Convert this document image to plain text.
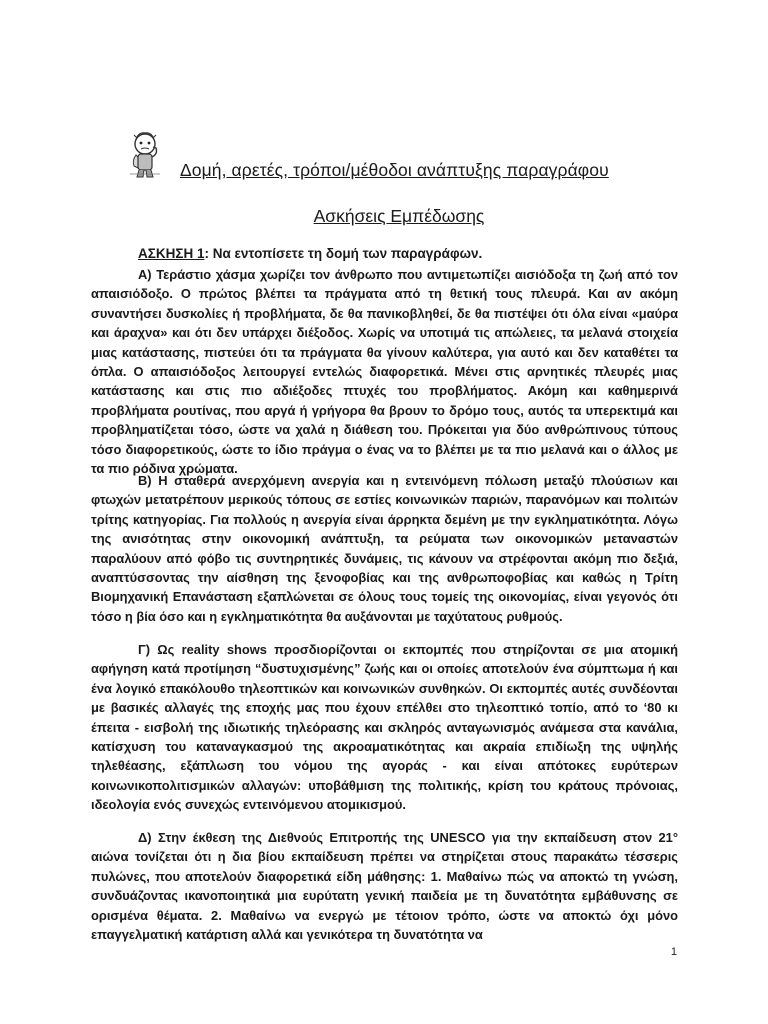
Δομή, αρετές, τρόποι/μέθοδοι ανάπτυξης παραγράφου
Ασκήσεις Εμπέδωσης
ΑΣΚΗΣΗ 1: Να εντοπίσετε τη δομή των παραγράφων.

Α) Τεράστιο χάσμα χωρίζει τον άνθρωπο που αντιμετωπίζει αισιόδοξα τη ζωή από τον απαισιόδοξο. Ο πρώτος βλέπει τα πράγματα από τη θετική τους πλευρά. Και αν ακόμη συναντήσει δυσκολίες ή προβλήματα, δε θα πανικοβληθεί, δε θα πιστέψει ότι όλα είναι «μαύρα και άραχνα» και ότι δεν υπάρχει διέξοδος. Χωρίς να υποτιμά τις απώλειες, τα μελανά στοιχεία μιας κατάστασης, πιστεύει ότι τα πράγματα θα γίνουν καλύτερα, για αυτό και δεν καταθέτει τα όπλα. Ο απαισιόδοξος λειτουργεί εντελώς διαφορετικά. Μένει στις αρνητικές πλευρές μιας κατάστασης και στις πιο αδιέξοδες πτυχές του προβλήματος. Ακόμη και καθημερινά προβλήματα ρουτίνας, που αργά ή γρήγορα θα βρουν το δρόμο τους, αυτός τα υπερεκτιμά και προβληματίζεται τόσο, ώστε να χαλά η διάθεση του. Πρόκειται για δύο ανθρώπινους τύπους τόσο διαφορετικούς, ώστε το ίδιο πράγμα ο ένας να το βλέπει με τα πιο μελανά και ο άλλος με τα πιο ρόδινα χρώματα.

Β) Η σταθερά ανερχόμενη ανεργία και η εντεινόμενη πόλωση μεταξύ πλούσιων και φτωχών μετατρέπουν μερικούς τόπους σε εστίες κοινωνικών παριών, παρανόμων και πολιτών τρίτης κατηγορίας. Για πολλούς η ανεργία είναι άρρηκτα δεμένη με την εγκληματικότητα. Λόγω της ανισότητας στην οικονομική ανάπτυξη, τα ρεύματα των οικονομικών μεταναστών παραλύουν από φόβο τις συντηρητικές δυνάμεις, τις κάνουν να στρέφονται ακόμη πιο δεξιά, αναπτύσσοντας την αίσθηση της ξενοφοβίας και της ανθρωποφοβίας και καθώς η Τρίτη Βιομηχανική Επανάσταση εξαπλώνεται σε όλους τους τομείς της οικονομίας, είναι γεγονός ότι τόσο η βία όσο και η εγκληματικότητα θα αυξάνονται με ταχύτατους ρυθμούς.

Γ) Ως reality shows προσδιορίζονται οι εκπομπές που στηρίζονται σε μια ατομική αφήγηση κατά προτίμηση “δυστυχισμένης” ζωής και οι οποίες αποτελούν ένα σύμπτωμα ή και ένα λογικό επακόλουθο τηλεοπτικών και κοινωνικών συνθηκών. Οι εκπομπές αυτές συνδέονται με βασικές αλλαγές της εποχής μας που έχουν επέλθει στο τηλεοπτικό τοπίο, από το ‘80 κι έπειτα - εισβολή της ιδιωτικής τηλεόρασης και σκληρός ανταγωνισμός ανάμεσα στα κανάλια, κατίσχυση του καταναγκασμού της ακροαματικότητας και ακραία επιδίωξη της υψηλής τηλεθέασης, εξάπλωση του νόμου της αγοράς - και είναι απότοκες ευρύτερων κοινωνικοπολιτισμικών αλλαγών: υποβάθμιση της πολιτικής, κρίση του κράτους πρόνοιας, ιδεολογία ενός συνεχώς εντεινόμενου ατομικισμού.

Δ) Στην έκθεση της Διεθνούς Επιτροπής της UNESCO για την εκπαίδευση στον 21° αιώνα τονίζεται ότι η δια βίου εκπαίδευση πρέπει να στηρίζεται στους παρακάτω τέσσερις πυλώνες, που αποτελούν διαφορετικά είδη μάθησης: 1. Μαθαίνω πώς να αποκτώ τη γνώση, συνδυάζοντας ικανοποιητικά μια ευρύτατη γενική παιδεία με τη δυνατότητα εμβάθυνσης σε ορισμένα θέματα. 2. Μαθαίνω να ενεργώ με τέτοιον τρόπο, ώστε να αποκτώ όχι μόνο επαγγελματική κατάρτιση αλλά και γενικότερα τη δυνατότητα να

1
